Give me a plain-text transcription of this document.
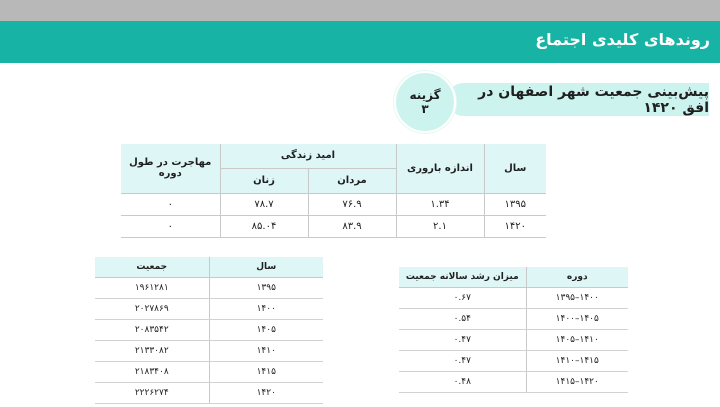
روندهای کلیدی اجتماع
پیش‌بینی جمعیت شهر اصفهان در افق ۱۴۲۰
گزینه
۳
سال	اندازه باروری	امید زندگی		مهاجرت در طول دوره
		مردان	زنان	
۱۳۹۵	۱.۳۴	۷۶.۹	۷۸.۷	۰
۱۴۲۰	۲.۱	۸۳.۹	۸۵.۰۴	۰
سال	جمعیت
۱۳۹۵	۱۹۶۱۲۸۱
۱۴۰۰	۲۰۲۷۸۶۹
۱۴۰۵	۲۰۸۳۵۴۲
۱۴۱۰	۲۱۳۳۰۸۲
۱۴۱۵	۲۱۸۳۴۰۸
۱۴۲۰	۲۲۲۶۲۷۴
دوره	میزان رشد سالانه جمعیت
۱۴۰۰–۱۳۹۵	۰.۶۷
۱۴۰۵–۱۴۰۰	۰.۵۴
۱۴۱۰–۱۴۰۵	۰.۴۷
۱۴۱۵–۱۴۱۰	۰.۴۷
۱۴۲۰–۱۴۱۵	۰.۴۸
